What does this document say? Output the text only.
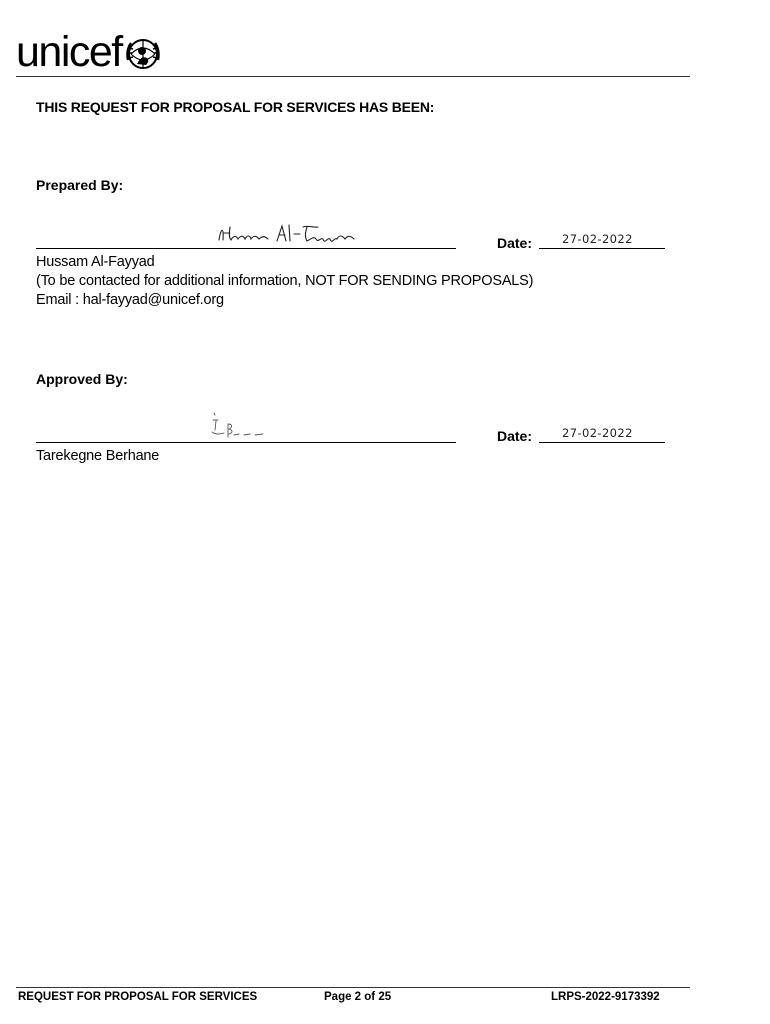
unicef
THIS REQUEST FOR PROPOSAL FOR SERVICES HAS BEEN:
Prepared By:
Date:	27-02-2022
Hussam Al-Fayyad
(To be contacted for additional information, NOT FOR SENDING PROPOSALS)
Email : hal-fayyad@unicef.org
Approved By:
Date:	27-02-2022
Tarekegne Berhane
REQUEST FOR PROPOSAL FOR SERVICES	Page 2 of 25	LRPS-2022-9173392
